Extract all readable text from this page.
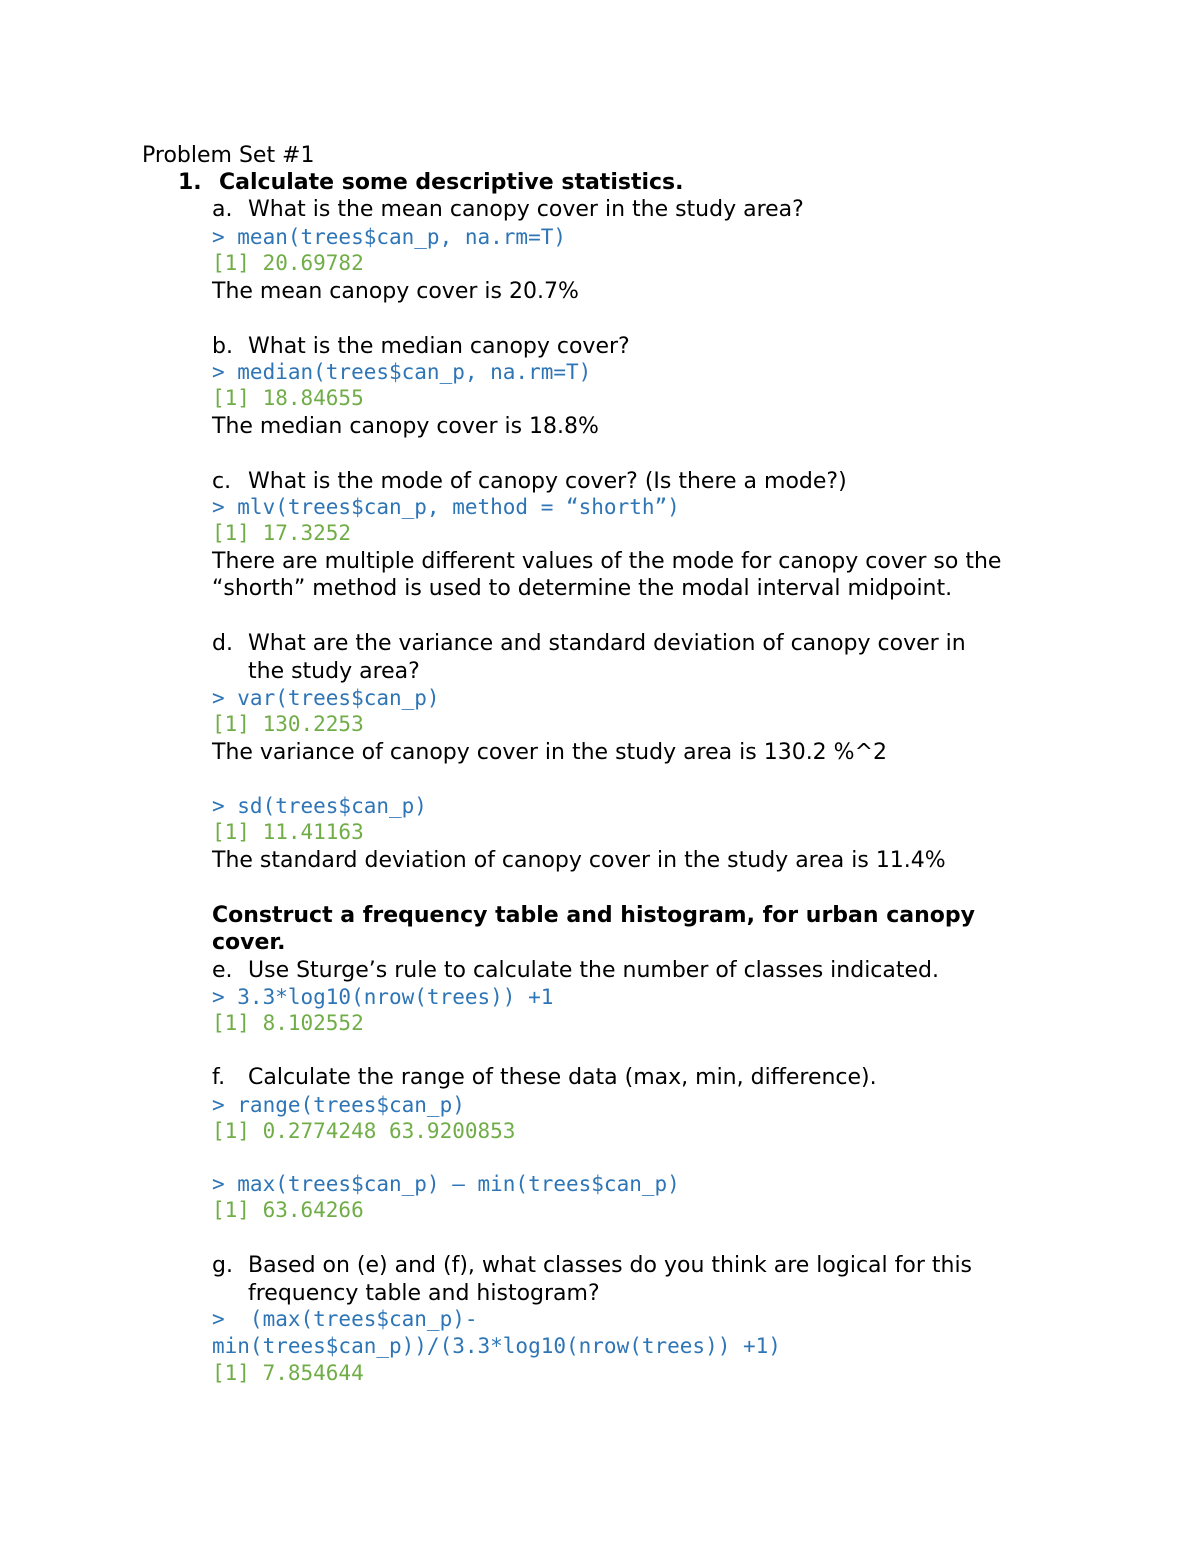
Problem Set #1
1. Calculate some descriptive statistics.
a. What is the mean canopy cover in the study area?
> mean(trees$can_p, na.rm=T)
[1] 20.69782
The mean canopy cover is 20.7%
b. What is the median canopy cover?
> median(trees$can_p, na.rm=T)
[1] 18.84655
The median canopy cover is 18.8%
c. What is the mode of canopy cover? (Is there a mode?)
> mlv(trees$can_p, method = “shorth”)
[1] 17.3252
There are multiple different values of the mode for canopy cover so the
“shorth” method is used to determine the modal interval midpoint.
d. What are the variance and standard deviation of canopy cover in
the study area?
> var(trees$can_p)
[1] 130.2253
The variance of canopy cover in the study area is 130.2 %^2
> sd(trees$can_p)
[1] 11.41163
The standard deviation of canopy cover in the study area is 11.4%
Construct a frequency table and histogram, for urban canopy
cover.
e. Use Sturge’s rule to calculate the number of classes indicated.
> 3.3*log10(nrow(trees)) +1
[1] 8.102552
f. Calculate the range of these data (max, min, difference).
> range(trees$can_p)
[1] 0.2774248 63.9200853
> max(trees$can_p) – min(trees$can_p)
[1] 63.64266
g. Based on (e) and (f), what classes do you think are logical for this
frequency table and histogram?
>  (max(trees$can_p)-
min(trees$can_p))/(3.3*log10(nrow(trees)) +1)
[1] 7.854644
